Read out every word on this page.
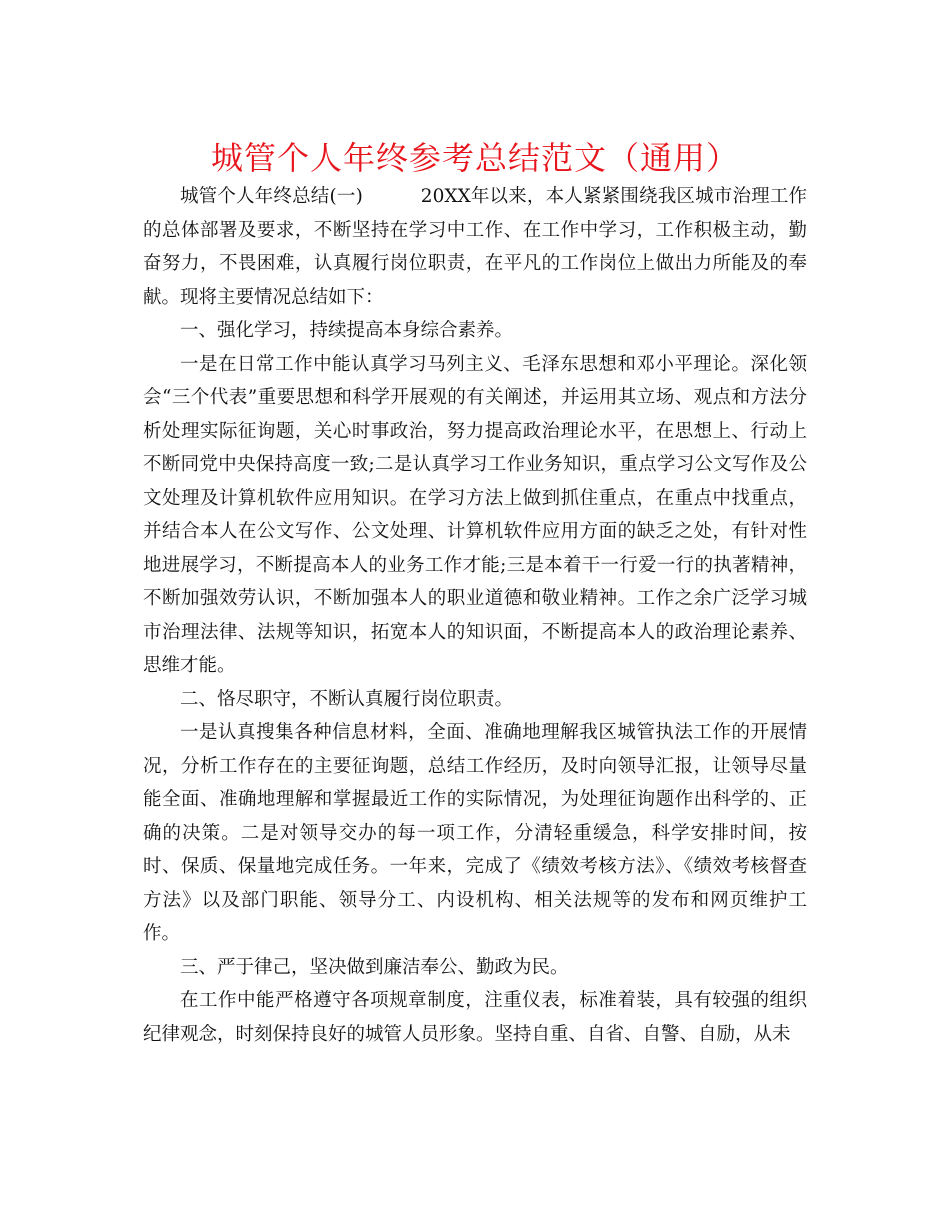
城管个人年终参考总结范文（通用）

城管个人年终总结(一)	20XX年以来，本人紧紧围绕我区城市治理工作的总体部署及要求，不断坚持在学习中工作、在工作中学习，工作积极主动，勤奋努力，不畏困难，认真履行岗位职责，在平凡的工作岗位上做出力所能及的奉献。现将主要情况总结如下：

一、强化学习，持续提高本身综合素养。

一是在日常工作中能认真学习马列主义、毛泽东思想和邓小平理论。深化领会“三个代表”重要思想和科学开展观的有关阐述，并运用其立场、观点和方法分析处理实际征询题，关心时事政治，努力提高政治理论水平，在思想上、行动上不断同党中央保持高度一致;二是认真学习工作业务知识，重点学习公文写作及公文处理及计算机软件应用知识。在学习方法上做到抓住重点，在重点中找重点，并结合本人在公文写作、公文处理、计算机软件应用方面的缺乏之处，有针对性地进展学习，不断提高本人的业务工作才能;三是本着干一行爱一行的执著精神，不断加强效劳认识，不断加强本人的职业道德和敬业精神。工作之余广泛学习城市治理法律、法规等知识，拓宽本人的知识面，不断提高本人的政治理论素养、思维才能。

二、恪尽职守，不断认真履行岗位职责。

一是认真搜集各种信息材料，全面、准确地理解我区城管执法工作的开展情况，分析工作存在的主要征询题，总结工作经历，及时向领导汇报，让领导尽量能全面、准确地理解和掌握最近工作的实际情况，为处理征询题作出科学的、正确的决策。二是对领导交办的每一项工作，分清轻重缓急，科学安排时间，按时、保质、保量地完成任务。一年来，完成了《绩效考核方法》、《绩效考核督查方法》以及部门职能、领导分工、内设机构、相关法规等的发布和网页维护工作。

三、严于律己，坚决做到廉洁奉公、勤政为民。

在工作中能严格遵守各项规章制度，注重仪表，标准着装，具有较强的组织纪律观念，时刻保持良好的城管人员形象。坚持自重、自省、自警、自励，从未
